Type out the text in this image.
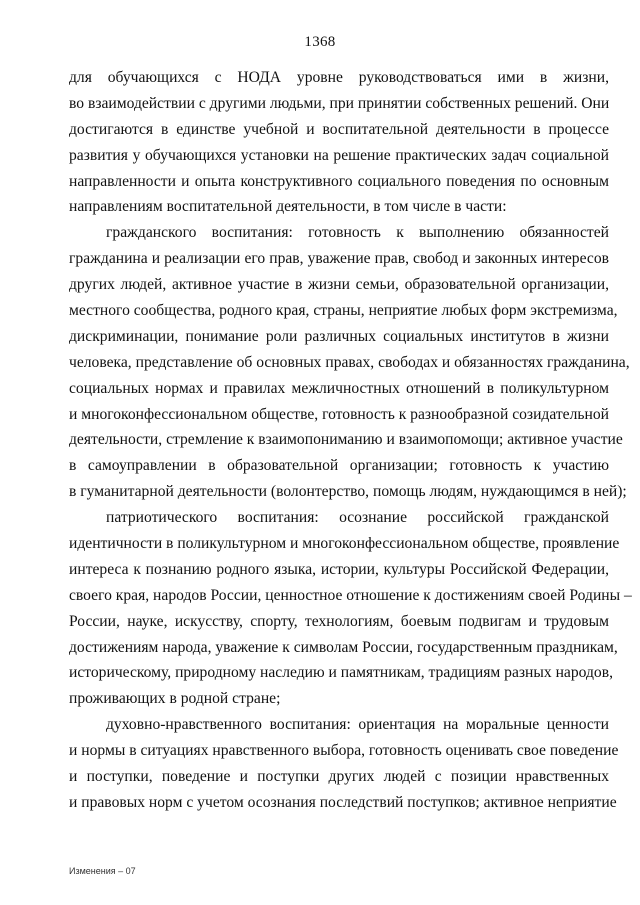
1368
для обучающихся с НОДА уровне руководствоваться ими в жизни,
во взаимодействии с другими людьми, при принятии собственных решений. Они
достигаются в единстве учебной и воспитательной деятельности в процессе
развития у обучающихся установки на решение практических задач социальной
направленности и опыта конструктивного социального поведения по основным
направлениям воспитательной деятельности, в том числе в части:
гражданского воспитания: готовность к выполнению обязанностей
гражданина и реализации его прав, уважение прав, свобод и законных интересов
других людей, активное участие в жизни семьи, образовательной организации,
местного сообщества, родного края, страны, неприятие любых форм экстремизма,
дискриминации, понимание роли различных социальных институтов в жизни
человека, представление об основных правах, свободах и обязанностях гражданина,
социальных нормах и правилах межличностных отношений в поликультурном
и многоконфессиональном обществе, готовность к разнообразной созидательной
деятельности, стремление к взаимопониманию и взаимопомощи; активное участие
в самоуправлении в образовательной организации; готовность к участию
в гуманитарной деятельности (волонтерство, помощь людям, нуждающимся в ней);
патриотического воспитания: осознание российской гражданской
идентичности в поликультурном и многоконфессиональном обществе, проявление
интереса к познанию родного языка, истории, культуры Российской Федерации,
своего края, народов России, ценностное отношение к достижениям своей Родины –
России, науке, искусству, спорту, технологиям, боевым подвигам и трудовым
достижениям народа, уважение к символам России, государственным праздникам,
историческому, природному наследию и памятникам, традициям разных народов,
проживающих в родной стране;
духовно-нравственного воспитания: ориентация на моральные ценности
и нормы в ситуациях нравственного выбора, готовность оценивать свое поведение
и поступки, поведение и поступки других людей с позиции нравственных
и правовых норм с учетом осознания последствий поступков; активное неприятие
Изменения – 07
